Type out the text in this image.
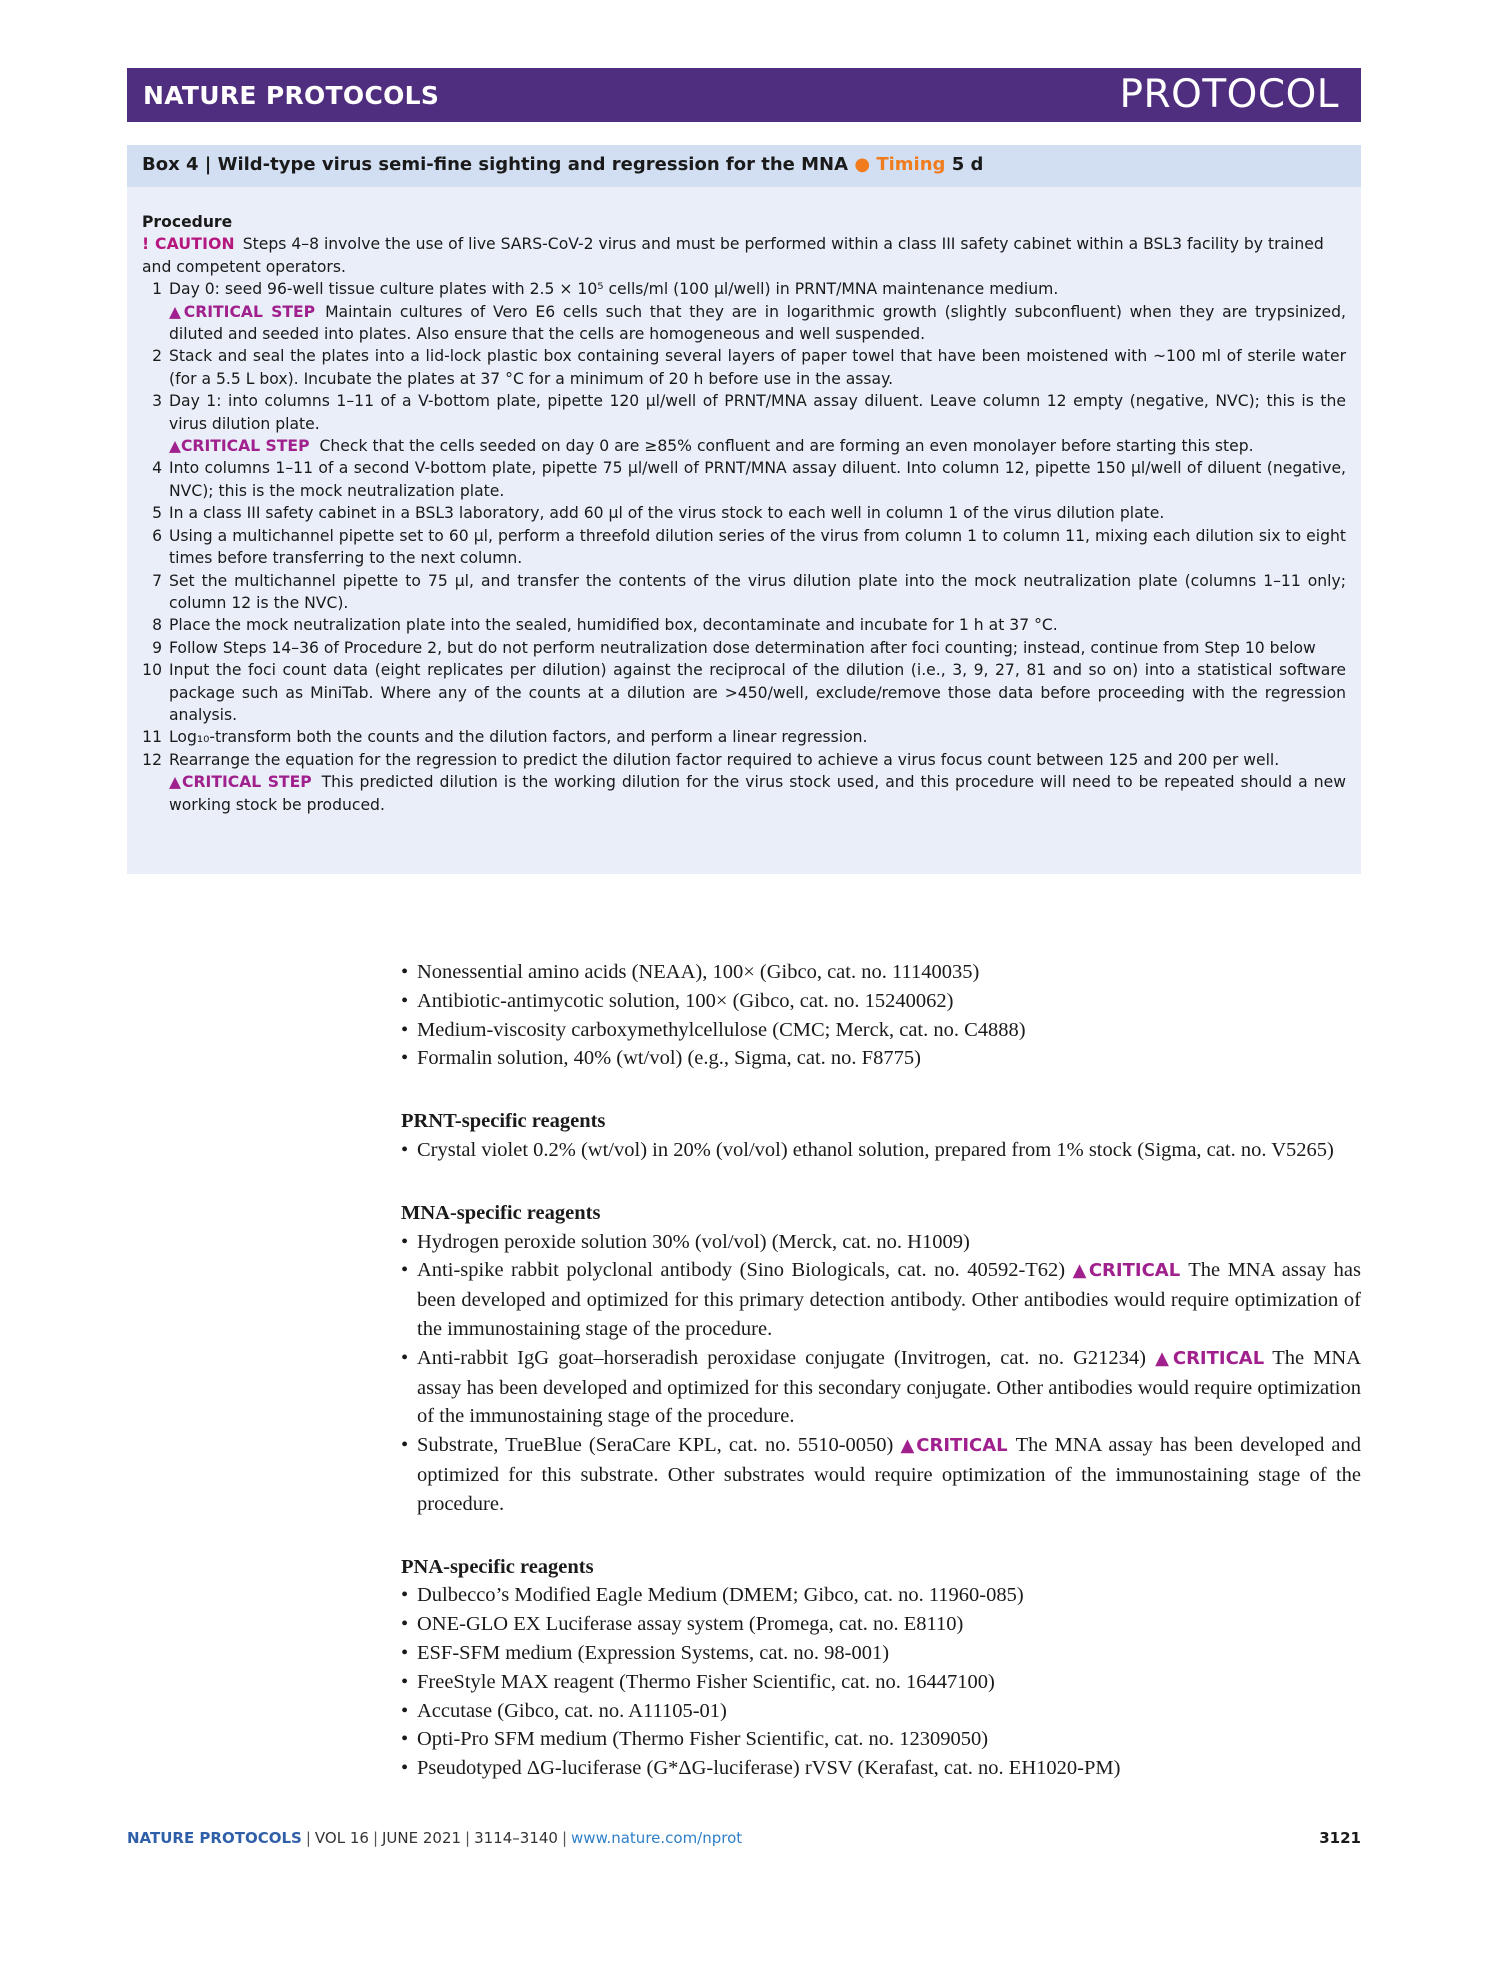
NATURE PROTOCOLS	PROTOCOL
Box 4 | Wild-type virus semi-fine sighting and regression for the MNA ● Timing 5 d
Procedure
! CAUTION Steps 4–8 involve the use of live SARS-CoV-2 virus and must be performed within a class III safety cabinet within a BSL3 facility by trained and competent operators.
1 Day 0: seed 96-well tissue culture plates with 2.5 × 10⁵ cells/ml (100 µl/well) in PRNT/MNA maintenance medium.
▲CRITICAL STEP Maintain cultures of Vero E6 cells such that they are in logarithmic growth (slightly subconfluent) when they are trypsinized, diluted and seeded into plates. Also ensure that the cells are homogeneous and well suspended.
2 Stack and seal the plates into a lid-lock plastic box containing several layers of paper towel that have been moistened with ~100 ml of sterile water (for a 5.5 L box). Incubate the plates at 37 °C for a minimum of 20 h before use in the assay.
3 Day 1: into columns 1–11 of a V-bottom plate, pipette 120 µl/well of PRNT/MNA assay diluent. Leave column 12 empty (negative, NVC); this is the virus dilution plate.
▲CRITICAL STEP Check that the cells seeded on day 0 are ≥85% confluent and are forming an even monolayer before starting this step.
4 Into columns 1–11 of a second V-bottom plate, pipette 75 µl/well of PRNT/MNA assay diluent. Into column 12, pipette 150 µl/well of diluent (negative, NVC); this is the mock neutralization plate.
5 In a class III safety cabinet in a BSL3 laboratory, add 60 µl of the virus stock to each well in column 1 of the virus dilution plate.
6 Using a multichannel pipette set to 60 µl, perform a threefold dilution series of the virus from column 1 to column 11, mixing each dilution six to eight times before transferring to the next column.
7 Set the multichannel pipette to 75 µl, and transfer the contents of the virus dilution plate into the mock neutralization plate (columns 1–11 only; column 12 is the NVC).
8 Place the mock neutralization plate into the sealed, humidified box, decontaminate and incubate for 1 h at 37 °C.
9 Follow Steps 14–36 of Procedure 2, but do not perform neutralization dose determination after foci counting; instead, continue from Step 10 below
10 Input the foci count data (eight replicates per dilution) against the reciprocal of the dilution (i.e., 3, 9, 27, 81 and so on) into a statistical software package such as MiniTab. Where any of the counts at a dilution are >450/well, exclude/remove those data before proceeding with the regression analysis.
11 Log₁₀-transform both the counts and the dilution factors, and perform a linear regression.
12 Rearrange the equation for the regression to predict the dilution factor required to achieve a virus focus count between 125 and 200 per well.
▲CRITICAL STEP This predicted dilution is the working dilution for the virus stock used, and this procedure will need to be repeated should a new working stock be produced.
• Nonessential amino acids (NEAA), 100× (Gibco, cat. no. 11140035)
• Antibiotic-antimycotic solution, 100× (Gibco, cat. no. 15240062)
• Medium-viscosity carboxymethylcellulose (CMC; Merck, cat. no. C4888)
• Formalin solution, 40% (wt/vol) (e.g., Sigma, cat. no. F8775)
PRNT-specific reagents
• Crystal violet 0.2% (wt/vol) in 20% (vol/vol) ethanol solution, prepared from 1% stock (Sigma, cat. no. V5265)
MNA-specific reagents
• Hydrogen peroxide solution 30% (vol/vol) (Merck, cat. no. H1009)
• Anti-spike rabbit polyclonal antibody (Sino Biologicals, cat. no. 40592-T62) ▲CRITICAL The MNA assay has been developed and optimized for this primary detection antibody. Other antibodies would require optimization of the immunostaining stage of the procedure.
• Anti-rabbit IgG goat–horseradish peroxidase conjugate (Invitrogen, cat. no. G21234) ▲CRITICAL The MNA assay has been developed and optimized for this secondary conjugate. Other antibodies would require optimization of the immunostaining stage of the procedure.
• Substrate, TrueBlue (SeraCare KPL, cat. no. 5510-0050) ▲CRITICAL The MNA assay has been developed and optimized for this substrate. Other substrates would require optimization of the immunostaining stage of the procedure.
PNA-specific reagents
• Dulbecco’s Modified Eagle Medium (DMEM; Gibco, cat. no. 11960-085)
• ONE-GLO EX Luciferase assay system (Promega, cat. no. E8110)
• ESF-SFM medium (Expression Systems, cat. no. 98-001)
• FreeStyle MAX reagent (Thermo Fisher Scientific, cat. no. 16447100)
• Accutase (Gibco, cat. no. A11105-01)
• Opti-Pro SFM medium (Thermo Fisher Scientific, cat. no. 12309050)
• Pseudotyped ΔG-luciferase (G*ΔG-luciferase) rVSV (Kerafast, cat. no. EH1020-PM)
NATURE PROTOCOLS | VOL 16 | JUNE 2021 | 3114–3140 | www.nature.com/nprot	3121
